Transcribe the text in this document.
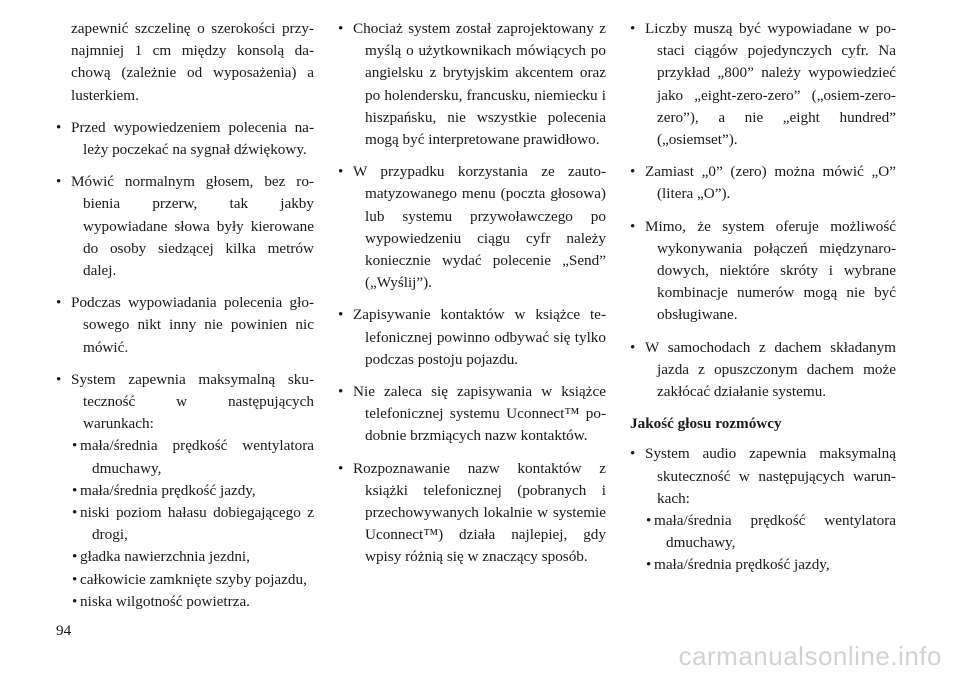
zapewnić szczelinę o szerokości przynajmniej 1 cm między konsolą dachową (zależnie od wyposażenia) a lusterkiem.
• Przed wypowiedzeniem polecenia należy poczekać na sygnał dźwiękowy.
• Mówić normalnym głosem, bez robienia przerw, tak jakby wypowiadane słowa były kierowane do osoby siedzącej kilka metrów dalej.
• Podczas wypowiadania polecenia głosowego nikt inny nie powinien nic mówić.
• System zapewnia maksymalną skuteczność w następujących warunkach:
• mała/średnia prędkość wentylatora dmuchawy,
• mała/średnia prędkość jazdy,
• niski poziom hałasu dobiegającego z drogi,
• gładka nawierzchnia jezdni,
• całkowicie zamknięte szyby pojazdu,
• niska wilgotność powietrza.
• Chociaż system został zaprojektowany z myślą o użytkownikach mówiących po angielsku z brytyjskim akcentem oraz po holendersku, francusku, niemiecku i hiszpańsku, nie wszystkie polecenia mogą być interpretowane prawidłowo.
• W przypadku korzystania ze zautomatyzowanego menu (poczta głosowa) lub systemu przywoławczego po wypowiedzeniu ciągu cyfr należy koniecznie wydać polecenie „Send” („Wyślij”).
• Zapisywanie kontaktów w książce telefonicznej powinno odbywać się tylko podczas postoju pojazdu.
• Nie zaleca się zapisywania w książce telefonicznej systemu Uconnect™ podobnie brzmiących nazw kontaktów.
• Rozpoznawanie nazw kontaktów z książki telefonicznej (pobranych i przechowywanych lokalnie w systemie Uconnect™) działa najlepiej, gdy wpisy różnią się w znaczący sposób.
• Liczby muszą być wypowiadane w postaci ciągów pojedynczych cyfr. Na przykład „800” należy wypowiedzieć jako „eight-zero-zero” („osiem-zero-zero”), a nie „eight hundred” („osiemset”).
• Zamiast „0” (zero) można mówić „O” (litera „O”).
• Mimo, że system oferuje możliwość wykonywania połączeń międzynarodowych, niektóre skróty i wybrane kombinacje numerów mogą nie być obsługiwane.
• W samochodach z dachem składanym jazda z opuszczonym dachem może zakłócać działanie systemu.
Jakość głosu rozmówcy
• System audio zapewnia maksymalną skuteczność w następujących warunkach:
• mała/średnia prędkość wentylatora dmuchawy,
• mała/średnia prędkość jazdy,
94
carmanualsonline.info
